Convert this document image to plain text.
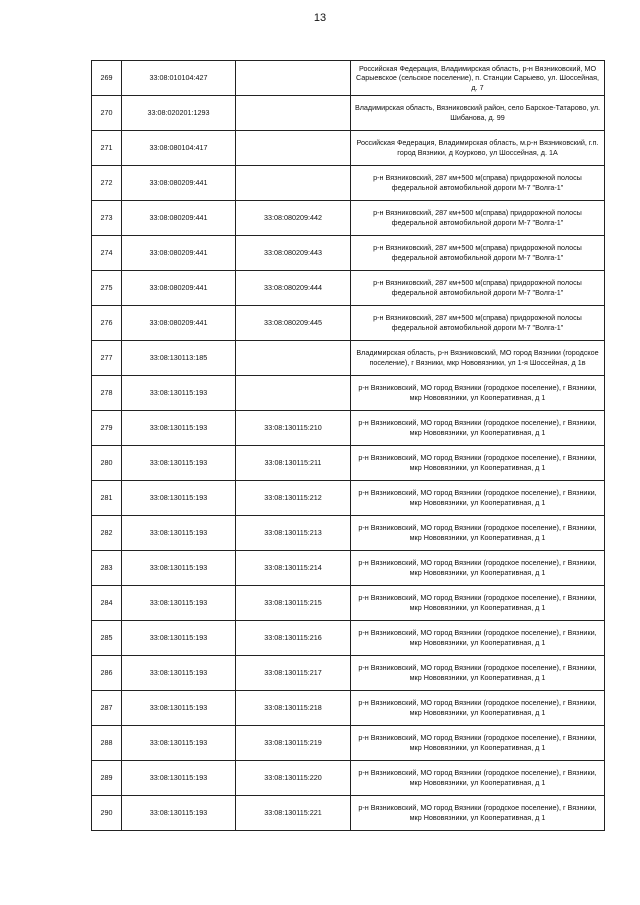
13
269	33:08:010104:427		Российская Федерация, Владимирская область, р-н Вязниковский, МО Сарыевское (сельское поселение), п. Станции Сарыево, ул. Шоссейная, д. 7
270	33:08:020201:1293		Владимирская область, Вязниковский район, село Барское-Татарово, ул. Шибанова, д. 99
271	33:08:080104:417		Российская Федерация, Владимирская область, м.р-н Вязниковский, г.п. город Вязники, д Коурково, ул Шоссейная, д. 1А
272	33:08:080209:441		р-н Вязниковский, 287 км+500 м(справа) придорожной полосы федеральной автомобильной дороги М-7 "Волга-1"
273	33:08:080209:441	33:08:080209:442	р-н Вязниковский, 287 км+500 м(справа) придорожной полосы федеральной автомобильной дороги М-7 "Волга-1"
274	33:08:080209:441	33:08:080209:443	р-н Вязниковский, 287 км+500 м(справа) придорожной полосы федеральной автомобильной дороги М-7 "Волга-1"
275	33:08:080209:441	33:08:080209:444	р-н Вязниковский, 287 км+500 м(справа) придорожной полосы федеральной автомобильной дороги М-7 "Волга-1"
276	33:08:080209:441	33:08:080209:445	р-н Вязниковский, 287 км+500 м(справа) придорожной полосы федеральной автомобильной дороги М-7 "Волга-1"
277	33:08:130113:185		Владимирская область, р-н Вязниковский, МО город Вязники (городское поселение), г Вязники, мкр Нововязники, ул 1-я Шоссейная, д 1в
278	33:08:130115:193		р-н Вязниковский, МО город Вязники (городское поселение), г Вязники, мкр Нововязники, ул Кооперативная, д 1
279	33:08:130115:193	33:08:130115:210	р-н Вязниковский, МО город Вязники (городское поселение), г Вязники, мкр Нововязники, ул Кооперативная, д 1
280	33:08:130115:193	33:08:130115:211	р-н Вязниковский, МО город Вязники (городское поселение), г Вязники, мкр Нововязники, ул Кооперативная, д 1
281	33:08:130115:193	33:08:130115:212	р-н Вязниковский, МО город Вязники (городское поселение), г Вязники, мкр Нововязники, ул Кооперативная, д 1
282	33:08:130115:193	33:08:130115:213	р-н Вязниковский, МО город Вязники (городское поселение), г Вязники, мкр Нововязники, ул Кооперативная, д 1
283	33:08:130115:193	33:08:130115:214	р-н Вязниковский, МО город Вязники (городское поселение), г Вязники, мкр Нововязники, ул Кооперативная, д 1
284	33:08:130115:193	33:08:130115:215	р-н Вязниковский, МО город Вязники (городское поселение), г Вязники, мкр Нововязники, ул Кооперативная, д 1
285	33:08:130115:193	33:08:130115:216	р-н Вязниковский, МО город Вязники (городское поселение), г Вязники, мкр Нововязники, ул Кооперативная, д 1
286	33:08:130115:193	33:08:130115:217	р-н Вязниковский, МО город Вязники (городское поселение), г Вязники, мкр Нововязники, ул Кооперативная, д 1
287	33:08:130115:193	33:08:130115:218	р-н Вязниковский, МО город Вязники (городское поселение), г Вязники, мкр Нововязники, ул Кооперативная, д 1
288	33:08:130115:193	33:08:130115:219	р-н Вязниковский, МО город Вязники (городское поселение), г Вязники, мкр Нововязники, ул Кооперативная, д 1
289	33:08:130115:193	33:08:130115:220	р-н Вязниковский, МО город Вязники (городское поселение), г Вязники, мкр Нововязники, ул Кооперативная, д 1
290	33:08:130115:193	33:08:130115:221	р-н Вязниковский, МО город Вязники (городское поселение), г Вязники, мкр Нововязники, ул Кооперативная, д 1
